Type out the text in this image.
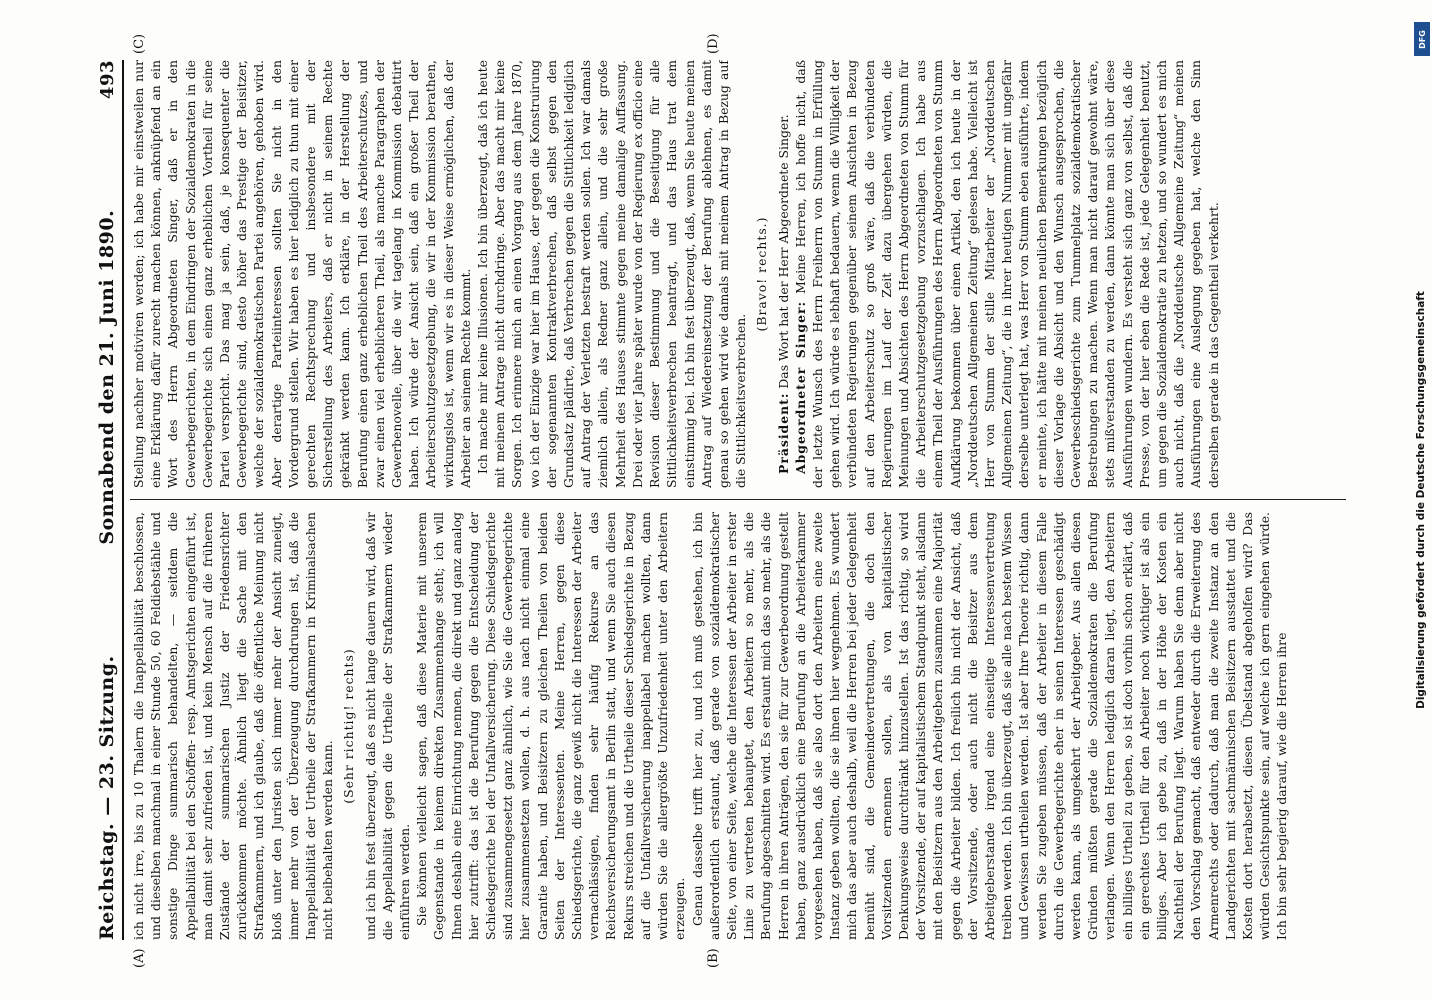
Reichstag. — 23. Sitzung.
Sonnabend den 21. Juni 1890.
493
(A)	(B)
(C)	(D)

ich nicht irre, bis zu 10 Thalern die Inappellabilität beschlossen, und dieselben manchmal in einer Stunde 50, 60 Feldiebstähle und sonstige Dinge summarisch behandelten, — seitdem die Appellabilität bei den Schöffen- resp. Amtsgerichten eingeführt ist, man damit sehr zufrieden ist, und kein Mensch auf die früheren Zustände der summarischen Justiz der Friedensrichter zurückkommen möchte. Ähnlich liegt die Sache mit den Strafkammern, und ich glaube, daß die öffentliche Meinung nicht bloß unter den Juristen sich immer mehr der Ansicht zuneigt, immer mehr von der Überzeugung durchdrungen ist, daß die Inappellabilität der Urtheile der Strafkammern in Kriminalsachen nicht beibehalten werden kann.

(Sehr richtig! rechts) und ich bin fest überzeugt, daß es nicht lange dauern wird, daß wir die Appellabilität gegen die Urtheile der Strafkammern wieder einführen werden. Sie können vielleicht sagen, daß diese Materie mit unserem Gegenstande in keinem direkten Zusammenhange steht; ich will Ihnen deshalb eine Einrichtung nennen, die direkt und ganz analog hier zutrifft: das ist die Berufung gegen die Entscheidung der Schiedsgerichte bei der Unfallversicherung. Diese Schiedsgerichte sind zusammengesetzt ganz ähnlich, wie Sie die Gewerbegerichte hier zusammensetzen wollen, d. h. aus nach nicht einmal eine Garantie haben, und Beisitzern zu gleichen Theilen von beiden Seiten der Interessenten. Meine Herren, gegen diese Schiedsgerichte, die ganz gewiß nicht die Interessen der Arbeiter vernachlässigen, finden sehr häufig Rekurse an das Reichsversicherungsamt in Berlin statt, und wenn Sie auch diesen Rekurs streichen und die Urtheile dieser Schiedsgerichte in Bezug auf die Unfallversicherung inappellabel machen wollten, dann würden Sie die allergrößte Unzufriedenheit unter den Arbeitern erzeugen. Genau dasselbe trifft hier zu, und ich muß gestehen, ich bin außerordentlich erstaunt, daß gerade von sozialdemokratischer Seite, von einer Seite, welche die Interessen der Arbeiter in erster Linie zu vertreten behauptet, den Arbeitern so mehr, als die Berufung abgeschnitten wird. Es erstaunt mich das so mehr, als die Herren in ihren Anträgen, den sie für zur Gewerbeordnung gestellt haben, ganz ausdrücklich eine Berufung an die Arbeiterkammer vorgesehen haben, daß sie also dort den Arbeitern eine zweite Instanz geben wollten, die sie ihnen hier wegnehmen. Es wundert mich das aber auch deshalb, weil die Herren bei jeder Gelegenheit bemüht sind, die Gemeindevertretungen, die doch den Vorsitzenden ernennen sollen, als von kapitalistischer Denkungsweise durchtränkt hinzustellen. Ist das richtig, so wird der Vorsitzende, der auf kapitalistischem Standpunkt steht, alsdann mit den Beisitzern aus den Arbeitgebern zusammen eine Majorität gegen die Arbeiter bilden. Ich freilich bin nicht der Ansicht, daß der Vorsitzende, oder auch nicht die Beisitzer aus dem Arbeitgeberstande irgend eine einseitige Interessenvertretung treiben werden. Ich bin überzeugt, daß sie alle nach bestem Wissen und Gewissen urtheilen werden. Ist aber Ihre Theorie richtig, dann werden Sie zugeben müssen, daß der Arbeiter in diesem Falle durch die Gewerbegerichte eher in seinen Interessen geschädigt werden kann, als umgekehrt der Arbeitgeber. Aus allen diesen Gründen müßten gerade die Sozialdemokraten die Berufung verlangen. Wenn den Herren lediglich daran liegt, den Arbeitern ein billiges Urtheil zu geben, so ist doch vorhin schon erklärt, daß ein gerechtes Urtheil für den Arbeiter noch wichtiger ist als ein billiges. Aber ich gebe zu, daß in der Höhe der Kosten ein Nachtheil der Berufung liegt. Warum haben Sie denn aber nicht den Vorschlag gemacht, daß entweder durch die Erweiterung des Armenrechts oder dadurch, daß man die zweite Instanz an den Landgerichten mit sachmännischen Beisitzern ausstattet und die Kosten dort herabsetzt, diesen Übelstand abgeholfen wird? Das würden Gesichtspunkte sein, auf welche ich gern eingehen würde. Ich bin sehr begierig darauf, wie die Herren ihre

Stellung nachher motiviren werden; ich habe mir einstweilen nur eine Erklärung dafür zurecht machen können, anknüpfend an ein Wort des Herrn Abgeordneten Singer, daß er in den Gewerbegerichten, in dem Eindringen der Sozialdemokraten in die Gewerbegerichte sich einen ganz erheblichen Vortheil für seine Partei verspricht. Das mag ja sein, daß, je konsequenter die Gewerbegerichte sind, desto höher das Prestige der Beisitzer, welche der sozialdemokratischen Partei angehören, gehoben wird. Aber derartige Parteiinteressen sollten Sie nicht in den Vordergrund stellen. Wir haben es hier lediglich zu thun mit einer gerechten Rechtsprechung und insbesondere mit der Sicherstellung des Arbeiters, daß er nicht in seinem Rechte gekränkt werden kann. Ich erkläre, in der Herstellung der Berufung einen ganz erheblichen Theil des Arbeiterschutzes, und zwar einen viel erheblicheren Theil, als manche Paragraphen der Gewerbenovelle, über die wir tagelang in Kommission debattirt haben. Ich würde der Ansicht sein, daß ein großer Theil der Arbeiterschutzgesetzgebung, die wir in der Kommission berathen, wirkungslos ist, wenn wir es in dieser Weise ermöglichen, daß der Arbeiter an seinem Rechte kommt. Ich mache mir keine Illusionen. Ich bin überzeugt, daß ich heute mit meinem Antrage nicht durchdringe. Aber das macht mir keine Sorgen. Ich erinnere mich an einen Vorgang aus dem Jahre 1870, wo ich der Einzige war hier im Hause, der gegen die Konstruirung der sogenannten Kontraktverbrechen, daß selbst gegen den Grundsatz plädirte, daß Verbrechen gegen die Sittlichkeit lediglich auf Antrag der Verletzten bestraft werden sollen. Ich war damals ziemlich allein, als Redner ganz allein, und die sehr große Mehrheit des Hauses stimmte gegen meine damalige Auffassung. Drei oder vier Jahre später wurde von der Regierung ex officio eine Revision dieser Bestimmung und die Beseitigung für alle Sittlichkeitsverbrechen beantragt, und das Haus trat dem einstimmig bei. Ich bin fest überzeugt, daß, wenn Sie heute meinen Antrag auf Wiedereinsetzung der Berufung ablehnen, es damit genau so gehen wird wie damals mit meinem Antrag in Bezug auf die Sittlichkeitsverbrechen.

(Bravo! rechts.)

Präsident: Das Wort hat der Herr Abgeordnete Singer. Abgeordneter Singer: Meine Herren, ich hoffe nicht, daß der letzte Wunsch des Herrn Freiherrn von Stumm in Erfüllung gehen wird. Ich würde es lebhaft bedauern, wenn die Willigkeit der verbündeten Regierungen gegenüber seinem Ansichten in Bezug auf den Arbeiterschutz so groß wäre, daß die verbündeten Regierungen im Lauf der Zeit dazu übergehen würden, die Meinungen und Absichten des Herrn Abgeordneten von Stumm für die Arbeiterschutzgesetzgebung vorzuschlagen. Ich habe aus einem Theil der Ausführungen des Herrn Abgeordneten von Stumm Aufklärung bekommen über einen Artikel, den ich heute in der „Norddeutschen Allgemeinen Zeitung“ gelesen habe. Vielleicht ist Herr von Stumm der stille Mitarbeiter der „Norddeutschen Allgemeinen Zeitung“, die in ihrer heutigen Nummer mit ungefähr derselbe unterlegt hat, was Herr von Stumm eben ausführte, indem er meinte, ich hätte mit meinen neulichen Bemerkungen bezüglich dieser Vorlage die Absicht und den Wunsch ausgesprochen, die Gewerbeschiedsgerichte zum Tummelplatz sozialdemokratischer Bestrebungen zu machen. Wenn man nicht darauf gewohnt wäre, stets mißverstanden zu werden, dann könnte man sich über diese Ausführungen wundern. Es versteht sich ganz von selbst, daß die Presse, von der hier eben die Rede ist, jede Gelegenheit benutzt, um gegen die Sozialdemokratie zu hetzen, und so wundert es mich auch nicht, daß die „Norddeutsche Allgemeine Zeitung“ meinen Ausführungen eine Auslegung gegeben hat, welche den Sinn derselben gerade in das Gegentheil verkehrt.

DFG
Digitalisierung gefördert durch die Deutsche Forschungsgemeinschaft
